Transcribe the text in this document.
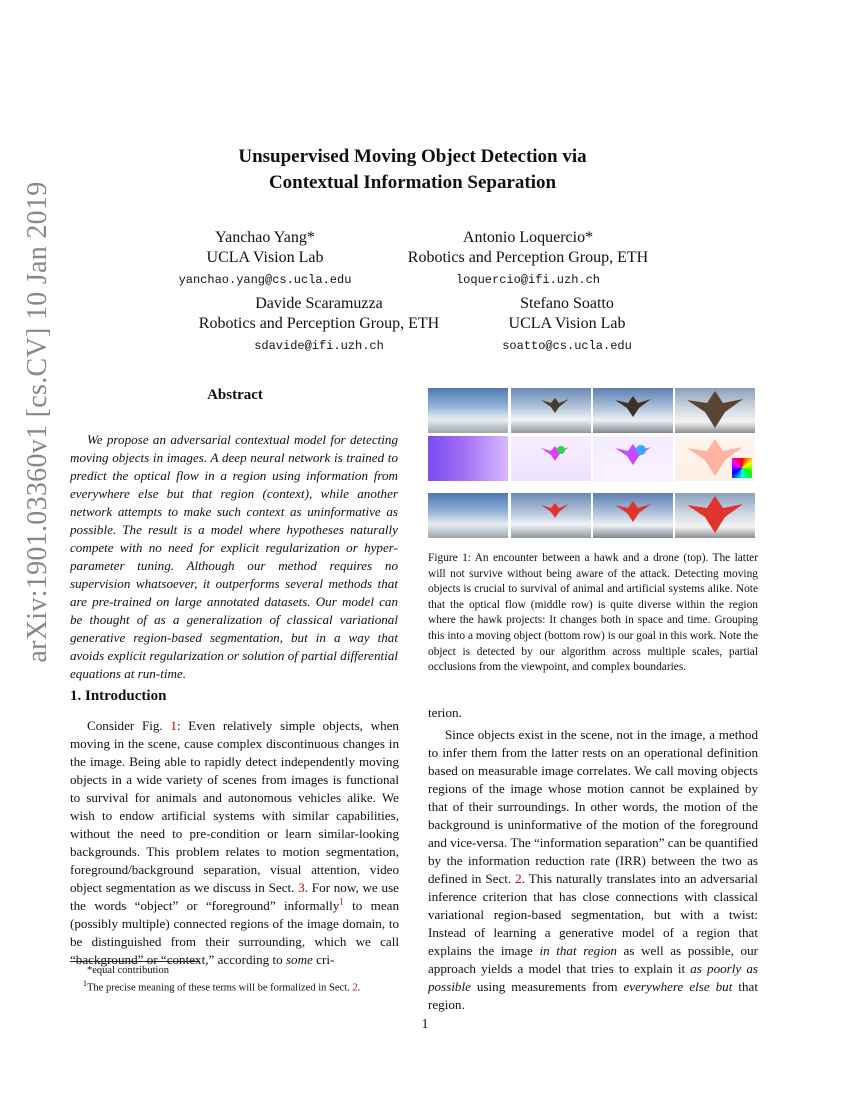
arXiv:1901.03360v1 [cs.CV] 10 Jan 2019
Unsupervised Moving Object Detection via
Contextual Information Separation
Yanchao Yang*
UCLA Vision Lab
yanchao.yang@cs.ucla.edu
Antonio Loquercio*
Robotics and Perception Group, ETH
loquercio@ifi.uzh.ch
Davide Scaramuzza
Robotics and Perception Group, ETH
sdavide@ifi.uzh.ch
Stefano Soatto
UCLA Vision Lab
soatto@cs.ucla.edu
Abstract
We propose an adversarial contextual model for detecting moving objects in images. A deep neural network is trained to predict the optical flow in a region using information from everywhere else but that region (context), while another network attempts to make such context as uninformative as possible. The result is a model where hypotheses naturally compete with no need for explicit regularization or hyper-parameter tuning. Although our method requires no supervision whatsoever, it outperforms several methods that are pre-trained on large annotated datasets. Our model can be thought of as a generalization of classical variational generative region-based segmentation, but in a way that avoids explicit regularization or solution of partial differential equations at run-time.
1. Introduction
Consider Fig. 1: Even relatively simple objects, when moving in the scene, cause complex discontinuous changes in the image. Being able to rapidly detect independently moving objects in a wide variety of scenes from images is functional to survival for animals and autonomous vehicles alike. We wish to endow artificial systems with similar capabilities, without the need to pre-condition or learn similar-looking backgrounds. This problem relates to motion segmentation, foreground/background separation, visual attention, video object segmentation as we discuss in Sect. 3. For now, we use the words “object” or “foreground” informally$^1$ to mean (possibly multiple) connected regions of the image domain, to be distinguished from their surrounding, which we call “background” or “context,” according to some cri-
*equal contribution
$^1$The precise meaning of these terms will be formalized in Sect. 2.
Figure 1: An encounter between a hawk and a drone (top). The latter will not survive without being aware of the attack. Detecting moving objects is crucial to survival of animal and artificial systems alike. Note that the optical flow (middle row) is quite diverse within the region where the hawk projects: It changes both in space and time. Grouping this into a moving object (bottom row) is our goal in this work. Note the object is detected by our algorithm across multiple scales, partial occlusions from the viewpoint, and complex boundaries.
terion.
Since objects exist in the scene, not in the image, a method to infer them from the latter rests on an operational definition based on measurable image correlates. We call moving objects regions of the image whose motion cannot be explained by that of their surroundings. In other words, the motion of the background is uninformative of the motion of the foreground and vice-versa. The “information separation” can be quantified by the information reduction rate (IRR) between the two as defined in Sect. 2. This naturally translates into an adversarial inference criterion that has close connections with classical variational region-based segmentation, but with a twist: Instead of learning a generative model of a region that explains the image in that region as well as possible, our approach yields a model that tries to explain it as poorly as possible using measurements from everywhere else but that region.
1
